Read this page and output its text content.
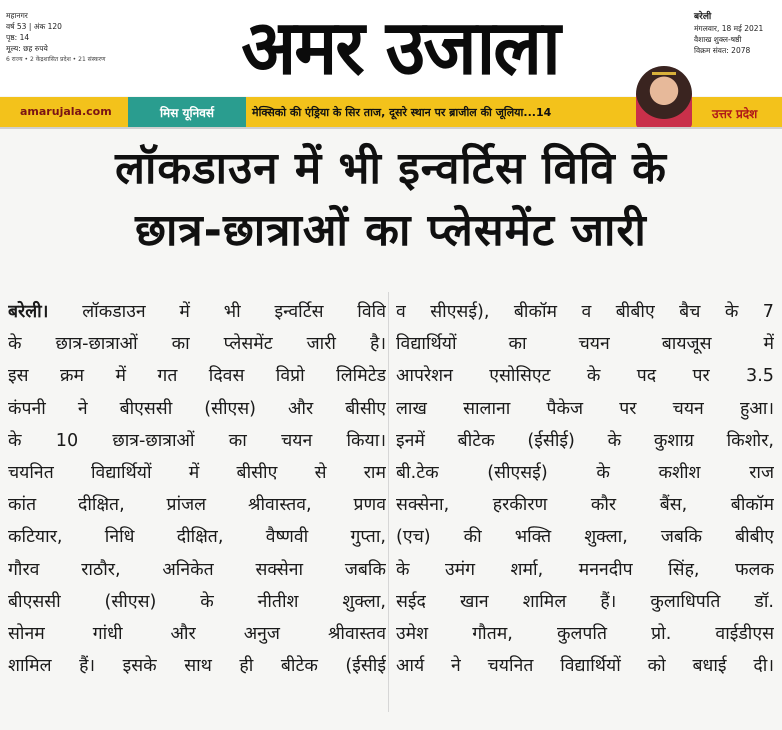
महानगर
वर्ष 53 | अंक 120
पृष्ठ: 14
मूल्य: छह रुपये
6 राज्य • 2 केंद्रशासित प्रदेश • 21 संस्करण	अमर उजाला	बरेली
मंगलवार, 18 मई 2021
वैशाख शुक्ल-षष्ठी
विक्रम संवत: 2078
amarujala.com	मिस यूनिवर्स	मेक्सिको की एंड्रिया के सिर ताज, दूसरे स्थान पर ब्राजील की जूलिया...14	उत्तर प्रदेश
लॉकडाउन में भी इन्वर्टिस विवि के
छात्र-छात्राओं का प्लेसमेंट जारी
बरेली। लॉकडाउन में भी इन्वर्टिस विवि
के छात्र-छात्राओं का प्लेसमेंट जारी है।
इस क्रम में गत दिवस विप्रो लिमिटेड
कंपनी ने बीएससी (सीएस) और बीसीए
के 10 छात्र-छात्राओं का चयन किया।
चयनित विद्यार्थियों में बीसीए से राम
कांत दीक्षित, प्रांजल श्रीवास्तव, प्रणव
कटियार, निधि दीक्षित, वैष्णवी गुप्ता,
गौरव राठौर, अनिकेत सक्सेना जबकि
बीएससी (सीएस) के नीतीश शुक्ला,
सोनम गांधी और अनुज श्रीवास्तव
शामिल हैं। इसके साथ ही बीटेक (ईसीई
व सीएसई), बीकॉम व बीबीए बैच के 7
विद्यार्थियों का चयन बायजूस में
आपरेशन एसोसिएट के पद पर 3.5
लाख सालाना पैकेज पर चयन हुआ।
इनमें बीटेक (ईसीई) के कुशाग्र किशोर,
बी.टेक (सीएसई) के कशीश राज
सक्सेना, हरकीरण कौर बैंस, बीकॉम
(एच) की भक्ति शुक्ला, जबकि बीबीए
के उमंग शर्मा, मननदीप सिंह, फलक
सईद खान शामिल हैं। कुलाधिपति डॉ.
उमेश गौतम, कुलपति प्रो. वाईडीएस
आर्य ने चयनित विद्यार्थियों को बधाई दी।
